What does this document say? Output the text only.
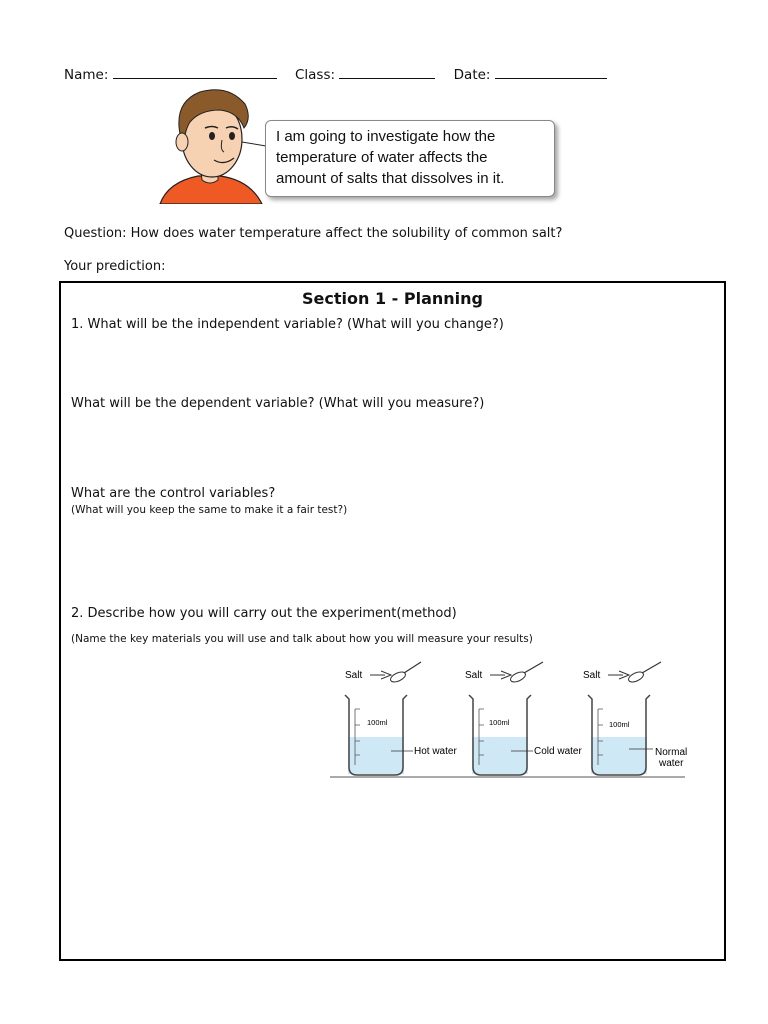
Name:	Class:	Date:
I am going to investigate how the
temperature of water affects the
amount of salts that dissolves in it.
Question: How does water temperature affect the solubility of common salt?
Your prediction:
Section 1 - Planning
1. What will be the independent variable? (What will you change?)
What will be the dependent variable? (What will you measure?)
What are the control variables?
(What will you keep the same to make it a fair test?)
2. Describe how you will carry out the experiment(method)
(Name the key materials you will use and talk about how you will measure your results)
Salt
100ml
Hot water
Salt
100ml
Cold water
Salt
100ml
Normal
water
